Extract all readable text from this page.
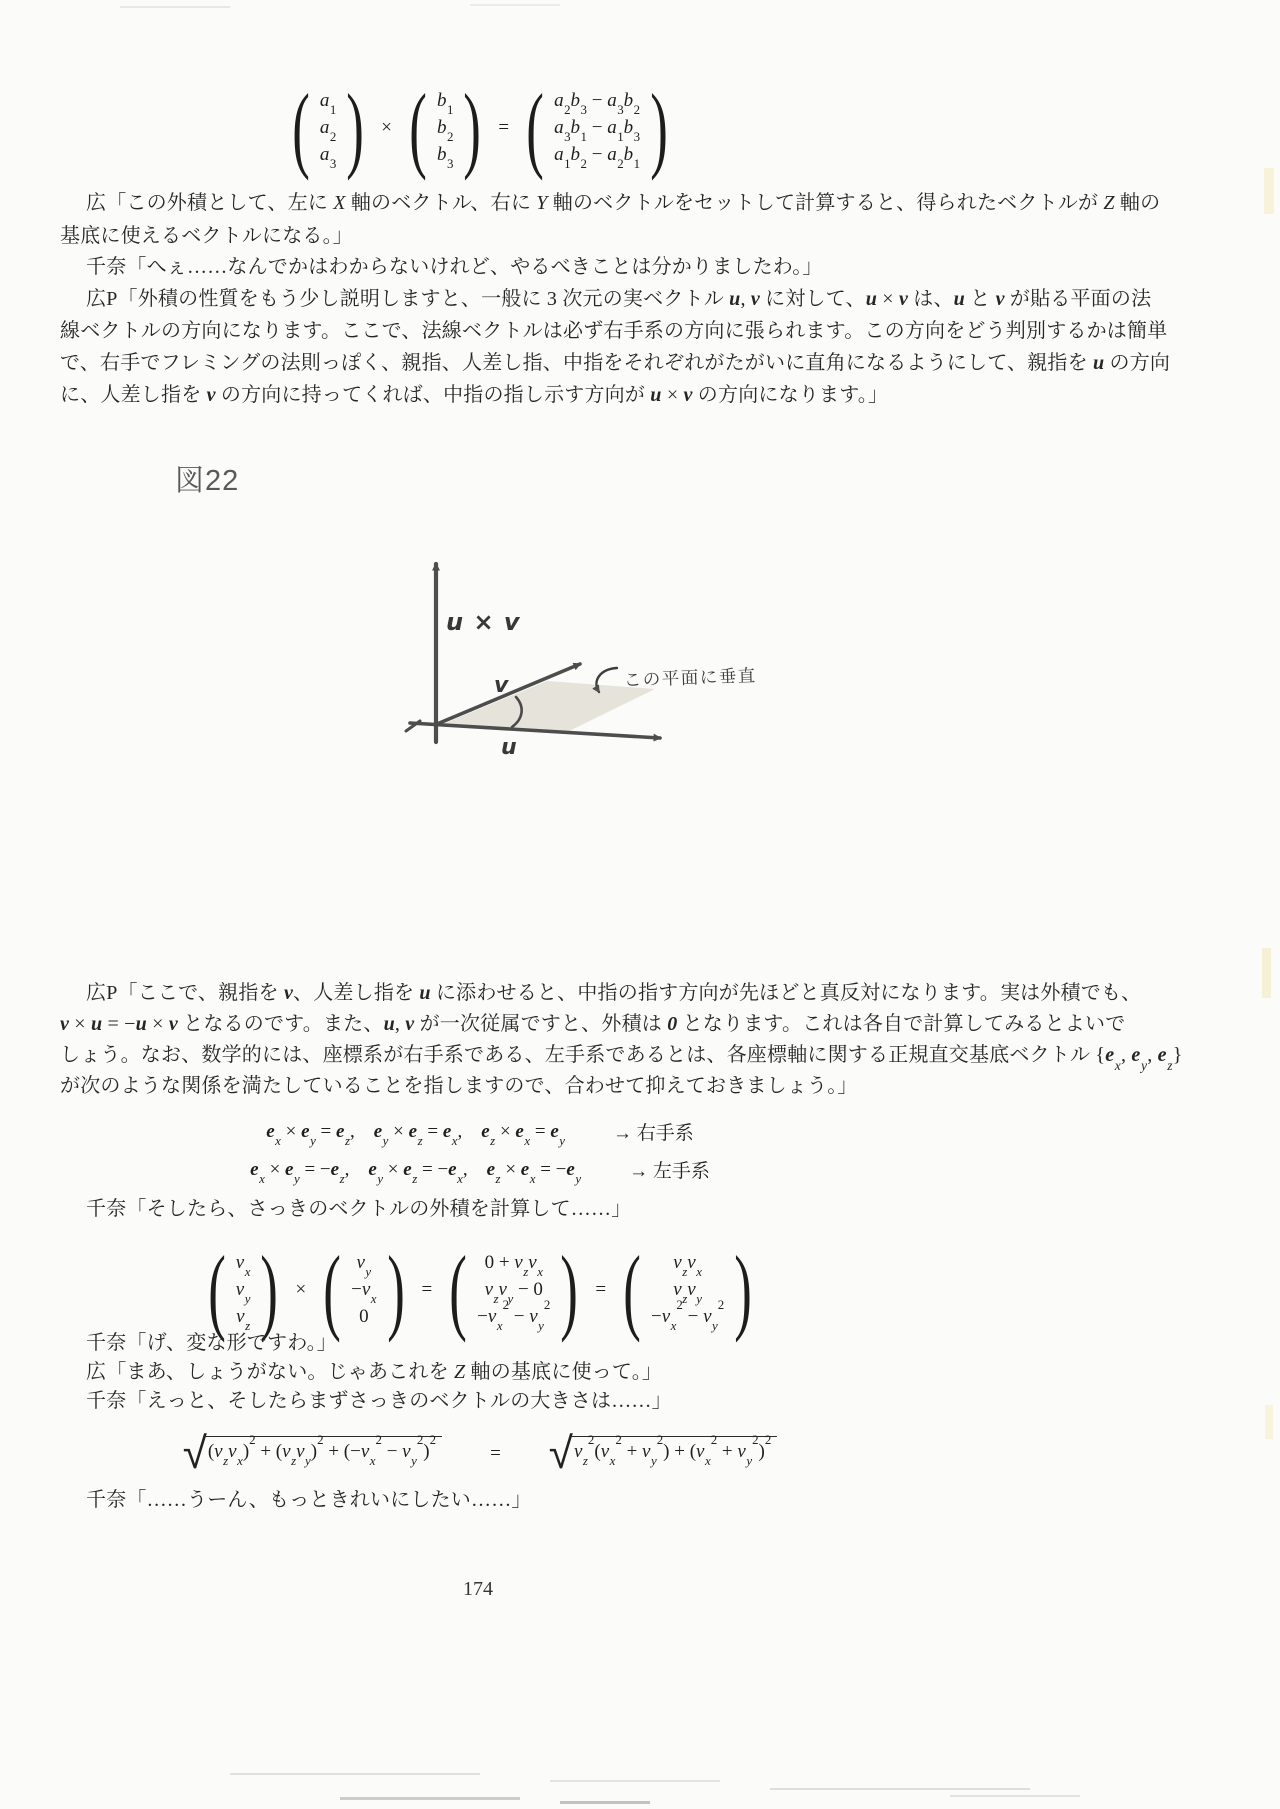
( $a_1$
$a_2$
$a_3$ ) × ( $b_1$
$b_2$
$b_3$ ) = ( $a_2b_3 - a_3b_2$
$a_3b_1 - a_1b_3$
$a_1b_2 - a_2b_1$ )
広「この外積として、左に X 軸のベクトル、右に Y 軸のベクトルをセットして計算すると、得られたベクトルが Z 軸の
基底に使えるベクトルになる。」
千奈「へぇ……なんでかはわからないけれど、やるべきことは分かりましたわ。」
広P「外積の性質をもう少し説明しますと、一般に 3 次元の実ベクトル u, v に対して、u × v は、u と v が貼る平面の法
線ベクトルの方向になります。ここで、法線ベクトルは必ず右手系の方向に張られます。この方向をどう判別するかは簡単
で、右手でフレミングの法則っぽく、親指、人差し指、中指をそれぞれがたがいに直角になるようにして、親指を u の方向
に、人差し指を v の方向に持ってくれば、中指の指し示す方向が u × v の方向になります。」
図22
u × v
v
u
この平面に垂直
広P「ここで、親指を v、人差し指を u に添わせると、中指の指す方向が先ほどと真反対になります。実は外積でも、
v × u = −u × v となるのです。また、u, v が一次従属ですと、外積は 0 となります。これは各自で計算してみるとよいで
しょう。なお、数学的には、座標系が右手系である、左手系であるとは、各座標軸に関する正規直交基底ベクトル {$e_x$, $e_y$, $e_z$}
が次のような関係を満たしていることを指しますので、合わせて抑えておきましょう。」
$e_x \times e_y = e_z$, $e_y \times e_z = e_x$, $e_z \times e_x = e_y$	→ 右手系
$e_x \times e_y = -e_z$, $e_y \times e_z = -e_x$, $e_z \times e_x = -e_y$	→ 左手系
千奈「そしたら、さっきのベクトルの外積を計算して……」
( $v_x$
$v_y$
$v_z$ ) × ( $v_y$
$-v_x$
0 ) = ( $0 + v_zv_x$
$v_zv_y - 0$
$-v_x^2 - v_y^2$ ) = ( $v_zv_x$
$v_zv_y$
$-v_x^2 - v_y^2$ )
千奈「げ、変な形ですわ。」
広「まあ、しょうがない。じゃあこれを Z 軸の基底に使って。」
千奈「えっと、そしたらまずさっきのベクトルの大きさは……」
√ $(v_zv_x)^2 + (v_zv_y)^2 + (-v_x^2 - v_y^2)^2$
= √ $v_z^2(v_x^2 + v_y^2) + (v_x^2 + v_y^2)^2$
千奈「……うーん、もっときれいにしたい……」
174
